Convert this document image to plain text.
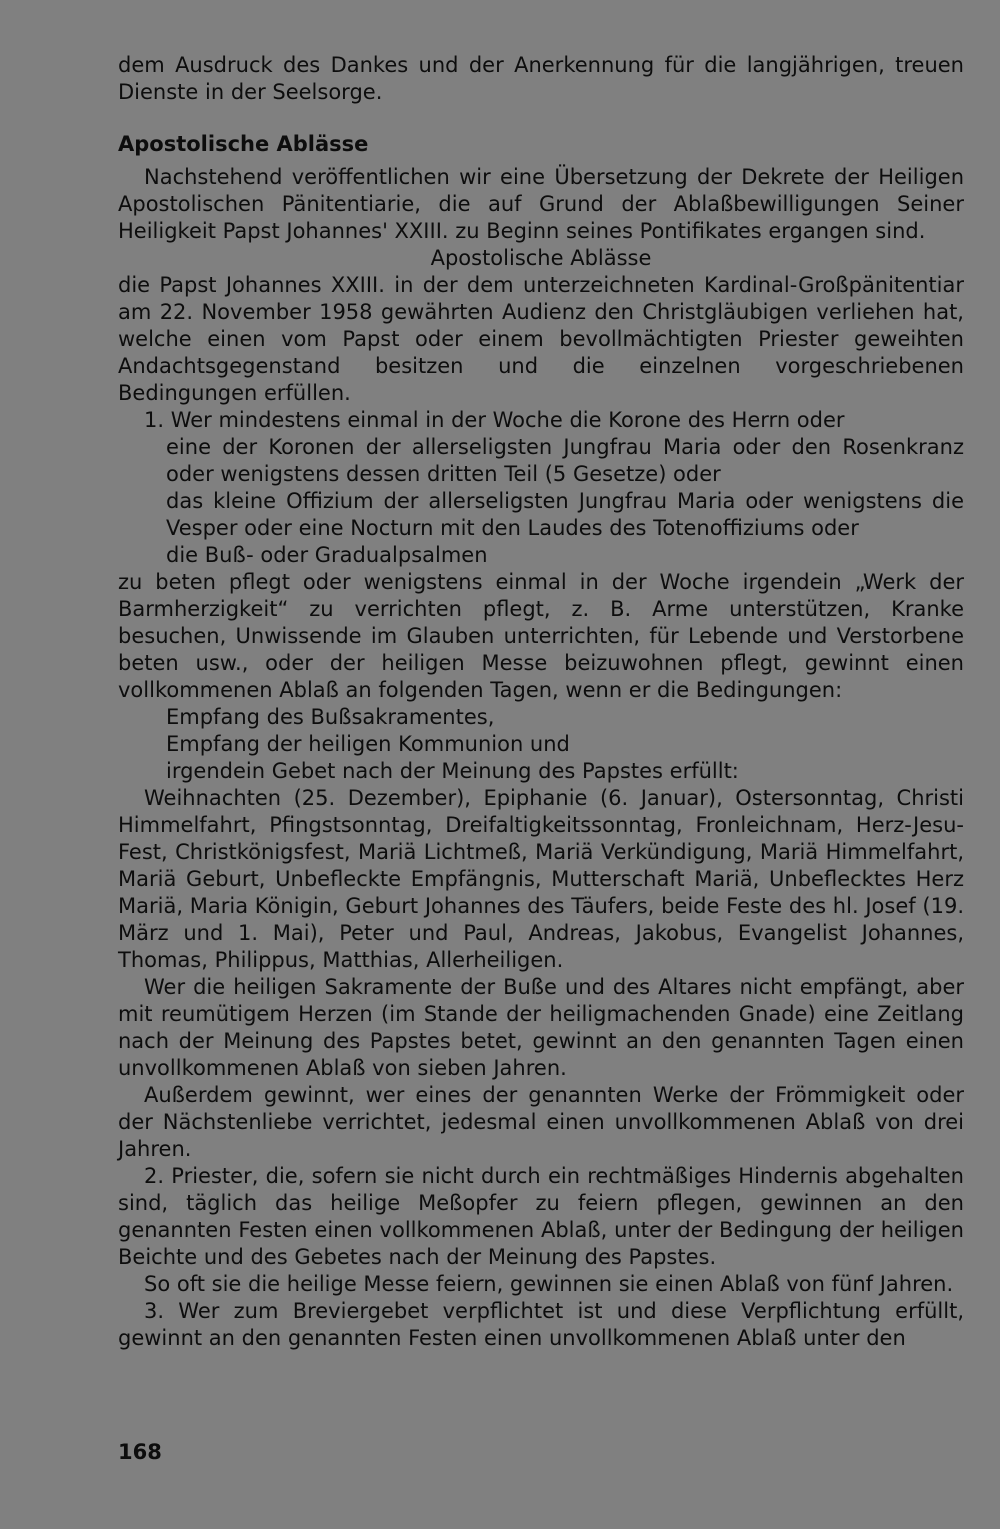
dem Ausdruck des Dankes und der Anerkennung für die langjährigen, treuen Dienste in der Seelsorge.

Apostolische Ablässe

Nachstehend veröffentlichen wir eine Übersetzung der Dekrete der Heiligen Apostolischen Pänitentiarie, die auf Grund der Ablaßbewilligungen Seiner Heiligkeit Papst Johannes' XXIII. zu Beginn seines Pontifikates ergangen sind.

Apostolische Ablässe

die Papst Johannes XXIII. in der dem unterzeichneten Kardinal-Großpänitentiar am 22. November 1958 gewährten Audienz den Christgläubigen verliehen hat, welche einen vom Papst oder einem bevollmächtigten Priester geweihten Andachtsgegenstand besitzen und die einzelnen vorgeschriebenen Bedingungen erfüllen.

1. Wer mindestens einmal in der Woche die Korone des Herrn oder

eine der Koronen der allerseligsten Jungfrau Maria oder den Rosenkranz oder wenigstens dessen dritten Teil (5 Gesetze) oder

das kleine Offizium der allerseligsten Jungfrau Maria oder wenigstens die Vesper oder eine Nocturn mit den Laudes des Totenoffiziums oder

die Buß- oder Gradualpsalmen

zu beten pflegt oder wenigstens einmal in der Woche irgendein „Werk der Barmherzigkeit“ zu verrichten pflegt, z. B. Arme unterstützen, Kranke besuchen, Unwissende im Glauben unterrichten, für Lebende und Verstorbene beten usw., oder der heiligen Messe beizuwohnen pflegt, gewinnt einen vollkommenen Ablaß an folgenden Tagen, wenn er die Bedingungen:

Empfang des Bußsakramentes,

Empfang der heiligen Kommunion und

irgendein Gebet nach der Meinung des Papstes erfüllt:

Weihnachten (25. Dezember), Epiphanie (6. Januar), Ostersonntag, Christi Himmelfahrt, Pfingstsonntag, Dreifaltigkeitssonntag, Fronleichnam, Herz-Jesu-Fest, Christkönigsfest, Mariä Lichtmeß, Mariä Verkündigung, Mariä Himmelfahrt, Mariä Geburt, Unbefleckte Empfängnis, Mutterschaft Mariä, Unbeflecktes Herz Mariä, Maria Königin, Geburt Johannes des Täufers, beide Feste des hl. Josef (19. März und 1. Mai), Peter und Paul, Andreas, Jakobus, Evangelist Johannes, Thomas, Philippus, Matthias, Allerheiligen.

Wer die heiligen Sakramente der Buße und des Altares nicht empfängt, aber mit reumütigem Herzen (im Stande der heiligmachenden Gnade) eine Zeitlang nach der Meinung des Papstes betet, gewinnt an den genannten Tagen einen unvollkommenen Ablaß von sieben Jahren.

Außerdem gewinnt, wer eines der genannten Werke der Frömmigkeit oder der Nächstenliebe verrichtet, jedesmal einen unvollkommenen Ablaß von drei Jahren.

2. Priester, die, sofern sie nicht durch ein rechtmäßiges Hindernis abgehalten sind, täglich das heilige Meßopfer zu feiern pflegen, gewinnen an den genannten Festen einen vollkommenen Ablaß, unter der Bedingung der heiligen Beichte und des Gebetes nach der Meinung des Papstes.

So oft sie die heilige Messe feiern, gewinnen sie einen Ablaß von fünf Jahren.

3. Wer zum Breviergebet verpflichtet ist und diese Verpflichtung erfüllt, gewinnt an den genannten Festen einen unvollkommenen Ablaß unter den

168
